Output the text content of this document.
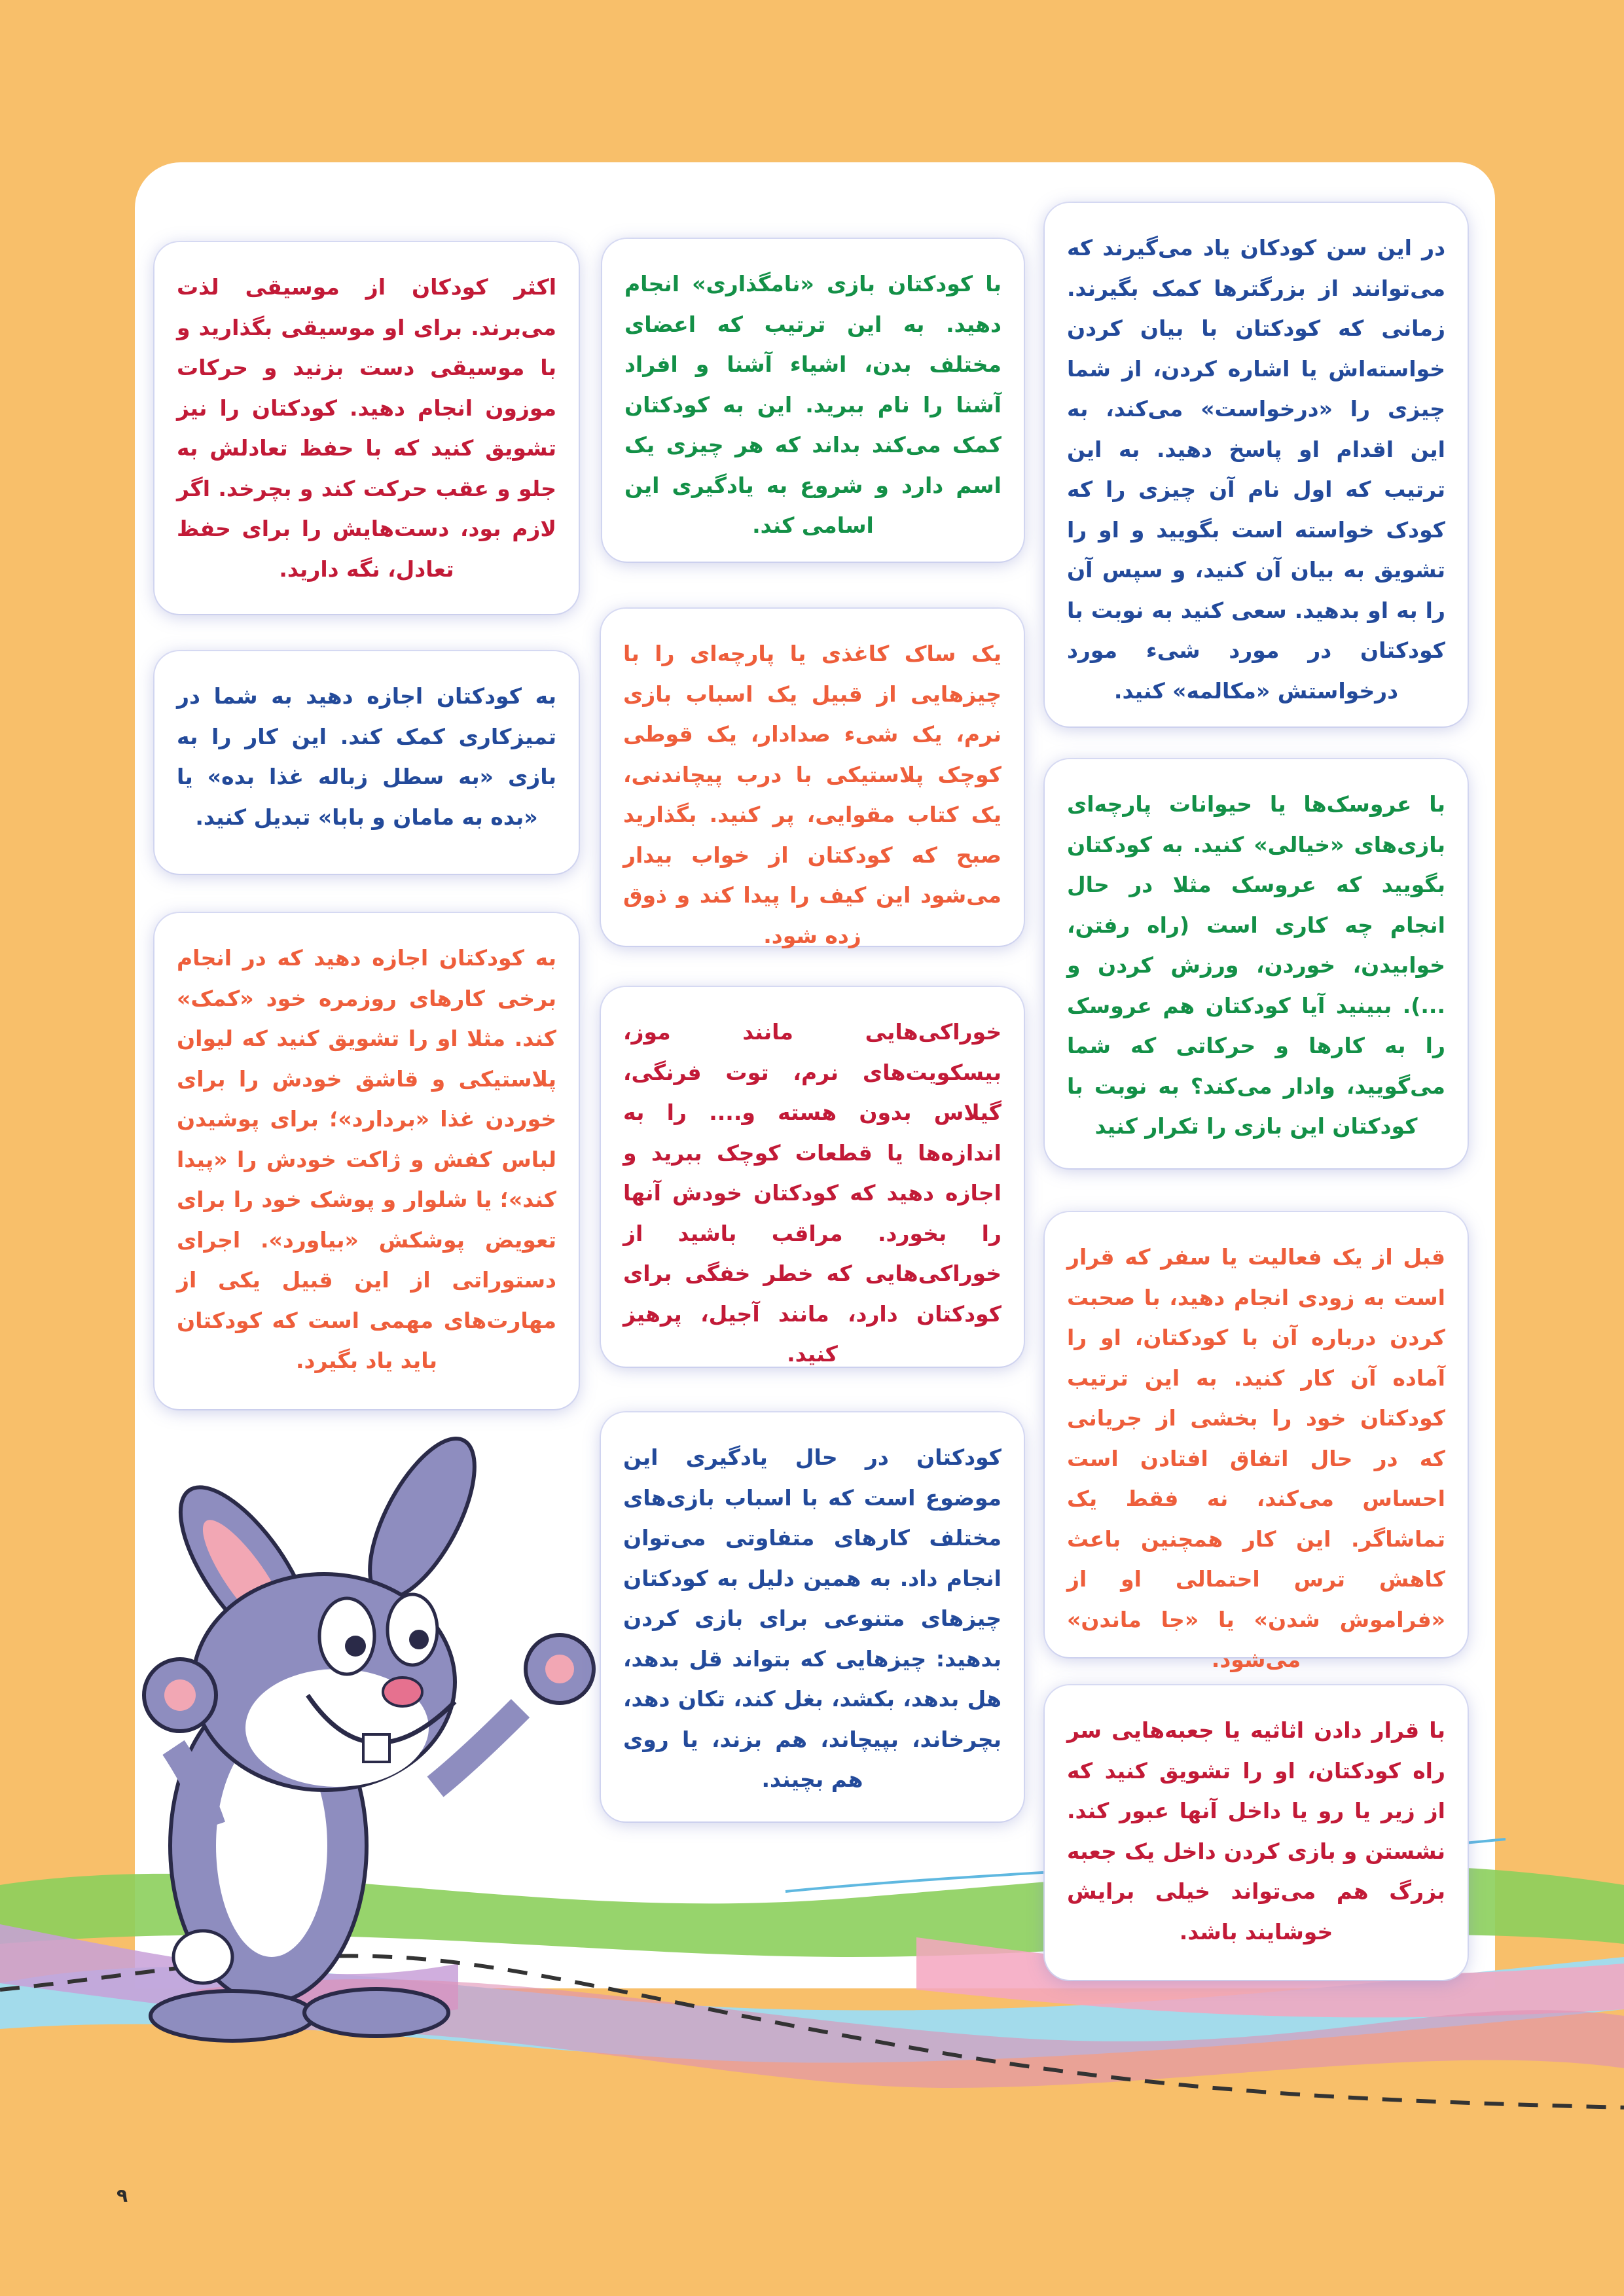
در این سن کودکان یاد می‌گیرند که می‌توانند از بزرگترها کمک بگیرند. زمانی که کودکتان با بیان کردن خواسته‌اش یا اشاره کردن، از شما چیزی را «درخواست» می‌کند، به این اقدام او پاسخ دهید. به این ترتیب که اول نام آن چیزی را که کودک خواسته است بگویید و او را تشویق به بیان آن کنید، و سپس آن را به او بدهید. سعی کنید به نوبت با کودکتان در مورد شیء مورد درخواستش «مکالمه» کنید.
با کودکتان بازی «نامگذاری» انجام دهید. به این ترتیب که اعضای مختلف بدن، اشیاء آشنا و افراد آشنا را نام ببرید. این به کودکتان کمک می‌کند بداند که هر چیزی یک اسم دارد و شروع به یادگیری این اسامی کند.
اکثر کودکان از موسیقی لذت می‌برند. برای او موسیقی بگذارید و با موسیقی دست بزنید و حرکات موزون انجام دهید. کودکتان را نیز تشویق کنید که با حفظ تعادلش به جلو و عقب حرکت کند و بچرخد. اگر لازم بود، دست‌هایش را برای حفظ تعادل، نگه دارید.
با عروسک‌ها یا حیوانات پارچه‌ای بازی‌های «خیالی» کنید. به کودکتان بگویید که عروسک مثلا در حال انجام چه کاری است (راه رفتن، خوابیدن، خوردن، ورزش کردن و ...). ببینید آیا کودکتان هم عروسک را به کارها و حرکاتی که شما می‌گویید، وادار می‌کند؟ به نوبت با کودکتان این بازی را تکرار کنید
یک ساک کاغذی یا پارچه‌ای را با چیزهایی از قبیل یک اسباب بازی نرم، یک شیء صدادار، یک قوطی کوچک پلاستیکی با درب پیچاندنی، یک کتاب مقوایی، پر کنید. بگذارید صبح که کودکتان از خواب بیدار می‌شود این کیف را پیدا کند و ذوق زده شود.
به کودکتان اجازه دهید به شما در تمیزکاری کمک کند. این کار را به بازی «به سطل زباله غذا بده» یا «بده به مامان و بابا» تبدیل کنید.
قبل از یک فعالیت یا سفر که قرار است به زودی انجام دهید، با صحبت کردن درباره آن با کودکتان، او را آماده آن کار کنید. به این ترتیب کودکتان خود را بخشی از جریانی که در حال اتفاق افتادن است احساس می‌کند، نه فقط یک تماشاگر. این کار همچنین باعث کاهش ترس احتمالی او از «فراموش شدن» یا «جا ماندن» می‌شود.
خوراکی‌هایی مانند موز، بیسکویت‌های نرم، توت فرنگی، گیلاس بدون هسته و.... را به اندازه‌ها یا قطعات کوچک ببرید و اجازه دهید که کودکتان خودش آنها را بخورد. مراقب باشید از خوراکی‌هایی که خطر خفگی برای کودکتان دارد، مانند آجیل، پرهیز کنید.
به کودکتان اجازه دهید که در انجام برخی کارهای روزمره خود «کمک» کند. مثلا او را تشویق کنید که لیوان پلاستیکی و قاشق خودش را برای خوردن غذا «بردارد»؛ برای پوشیدن لباس کفش و ژاکت خودش را «پیدا کند»؛ یا شلوار و پوشک خود را برای تعویض پوشکش «بیاورد». اجرای دستوراتی از این قبیل یکی از مهارت‌های مهمی است که کودکتان باید یاد بگیرد.
با قرار دادن اثاثیه یا جعبه‌هایی سر راه کودکتان، او را تشویق کنید که از زیر یا رو یا داخل آنها عبور کند. نشستن و بازی کردن داخل یک جعبه بزرگ هم می‌تواند خیلی برایش خوشایند باشد.
کودکتان در حال یادگیری این موضوع است که با اسباب بازی‌های مختلف کارهای متفاوتی می‌توان انجام داد. به همین دلیل به کودکتان چیزهای متنوعی برای بازی کردن بدهید: چیزهایی که بتواند قل بدهد، هل بدهد، بکشد، بغل کند، تکان دهد، بچرخاند، بپیچاند، هم بزند، یا روی هم بچیند.
۹
